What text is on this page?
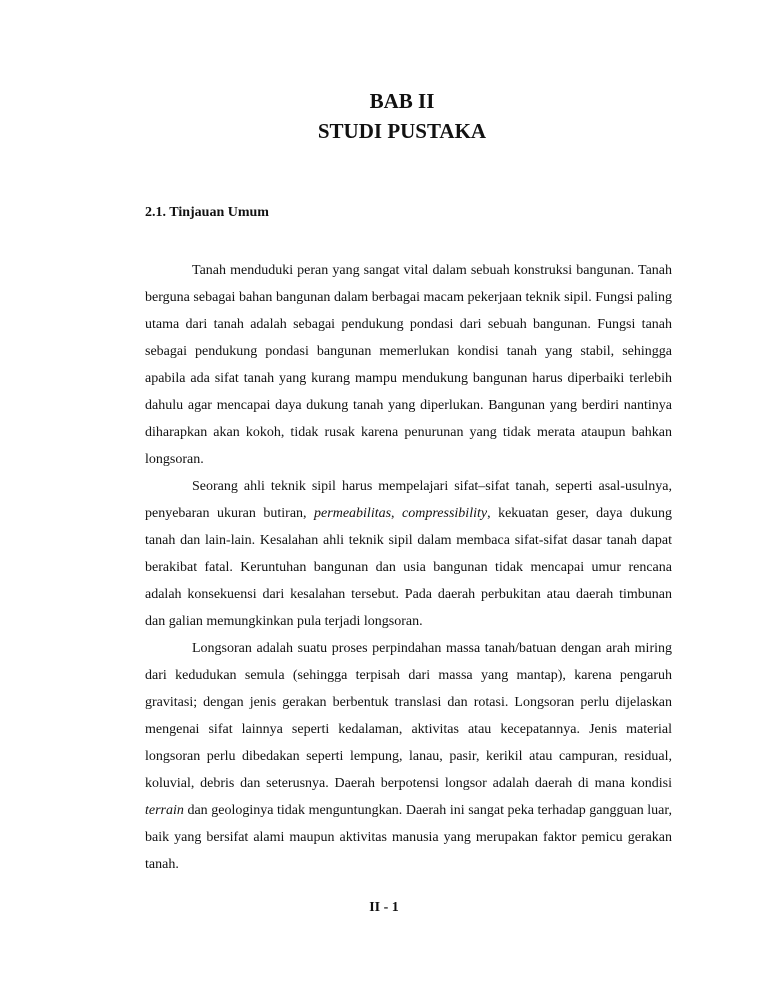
BAB II
STUDI PUSTAKA
2.1. Tinjauan Umum

Tanah menduduki peran yang sangat vital dalam sebuah konstruksi bangunan. Tanah berguna sebagai bahan bangunan dalam berbagai macam pekerjaan teknik sipil. Fungsi paling utama dari tanah adalah sebagai pendukung pondasi dari sebuah bangunan. Fungsi tanah sebagai pendukung pondasi bangunan memerlukan kondisi tanah yang stabil, sehingga apabila ada sifat tanah yang kurang mampu mendukung bangunan harus diperbaiki terlebih dahulu agar mencapai daya dukung tanah yang diperlukan. Bangunan yang berdiri nantinya diharapkan akan kokoh, tidak rusak karena penurunan yang tidak merata ataupun bahkan longsoran.

Seorang ahli teknik sipil harus mempelajari sifat–sifat tanah, seperti asal-usulnya, penyebaran ukuran butiran, permeabilitas, compressibility, kekuatan geser, daya dukung tanah dan lain-lain. Kesalahan ahli teknik sipil dalam membaca sifat-sifat dasar tanah dapat berakibat fatal. Keruntuhan bangunan dan usia bangunan tidak mencapai umur rencana adalah konsekuensi dari kesalahan tersebut. Pada daerah perbukitan atau daerah timbunan dan galian memungkinkan pula terjadi longsoran.

Longsoran adalah suatu proses perpindahan massa tanah/batuan dengan arah miring dari kedudukan semula (sehingga terpisah dari massa yang mantap), karena pengaruh gravitasi; dengan jenis gerakan berbentuk translasi dan rotasi. Longsoran perlu dijelaskan mengenai sifat lainnya seperti kedalaman, aktivitas atau kecepatannya. Jenis material longsoran perlu dibedakan seperti lempung, lanau, pasir, kerikil atau campuran, residual, koluvial, debris dan seterusnya. Daerah berpotensi longsor adalah daerah di mana kondisi terrain dan geologinya tidak menguntungkan. Daerah ini sangat peka terhadap gangguan luar, baik yang bersifat alami maupun aktivitas manusia yang merupakan faktor pemicu gerakan tanah.

II - 1
